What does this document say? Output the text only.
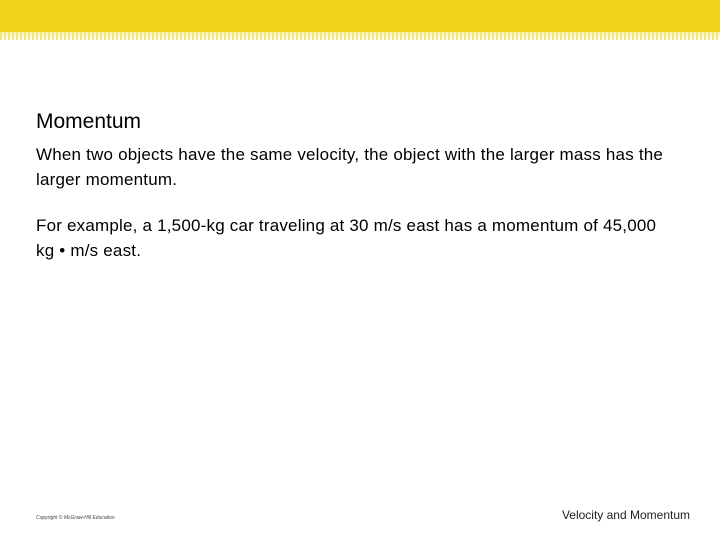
Momentum

When two objects have the same velocity, the object with the larger mass has the larger momentum.

For example, a 1,500-kg car traveling at 30 m/s east has a momentum of 45,000 kg • m/s east.

Copyright © McGraw-Hill Education	Velocity and Momentum
